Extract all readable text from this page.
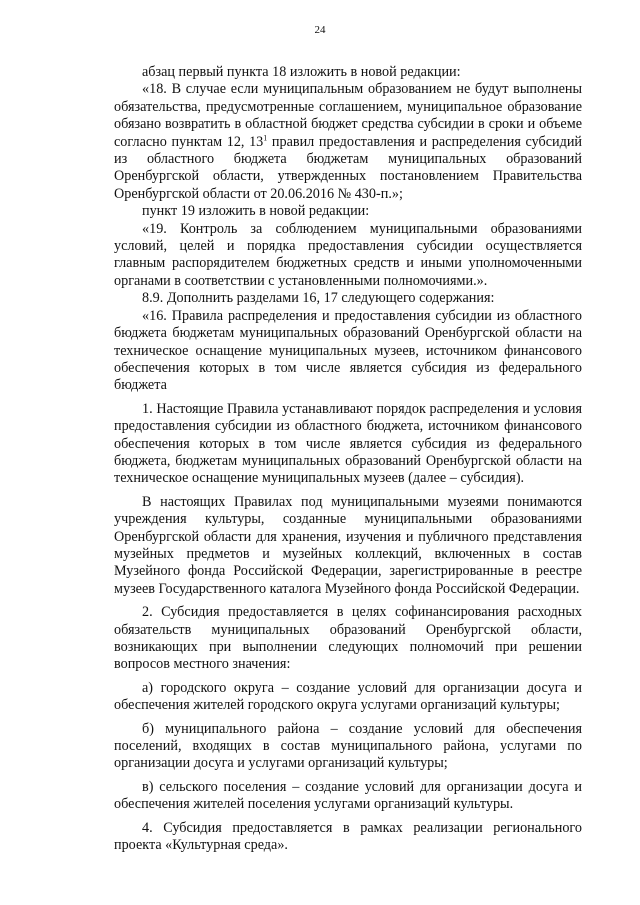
24

абзац первый пункта 18 изложить в новой редакции:

«18. В случае если муниципальным образованием не будут выполнены обязательства, предусмотренные соглашением, муниципальное образование обязано возвратить в областной бюджет средства субсидии в сроки и объеме согласно пунктам 12, $13^1$ правил предоставления и распределения субсидий из областного бюджета бюджетам муниципальных образований Оренбургской области, утвержденных постановлением Правительства Оренбургской области от 20.06.2016 № 430-п.»;

пункт 19 изложить в новой редакции:

«19. Контроль за соблюдением муниципальными образованиями условий, целей и порядка предоставления субсидии осуществляется главным распорядителем бюджетных средств и иными уполномоченными органами в соответствии с установленными полномочиями.».

8.9. Дополнить разделами 16, 17 следующего содержания:

«16. Правила распределения и предоставления субсидии из областного бюджета бюджетам муниципальных образований Оренбургской области на техническое оснащение муниципальных музеев, источником финансового обеспечения которых в том числе является субсидия из федерального бюджета

1. Настоящие Правила устанавливают порядок распределения и условия предоставления субсидии из областного бюджета, источником финансового обеспечения которых в том числе является субсидия из федерального бюджета, бюджетам муниципальных образований Оренбургской области на техническое оснащение муниципальных музеев (далее – субсидия).

В настоящих Правилах под муниципальными музеями понимаются учреждения культуры, созданные муниципальными образованиями Оренбургской области для хранения, изучения и публичного представления музейных предметов и музейных коллекций, включенных в состав Музейного фонда Российской Федерации, зарегистрированные в реестре музеев Государственного каталога Музейного фонда Российской Федерации.

2. Субсидия предоставляется в целях софинансирования расходных обязательств муниципальных образований Оренбургской области, возникающих при выполнении следующих полномочий при решении вопросов местного значения:

а) городского округа – создание условий для организации досуга и обеспечения жителей городского округа услугами организаций культуры;

б) муниципального района – создание условий для обеспечения поселений, входящих в состав муниципального района, услугами по организации досуга и услугами организаций культуры;

в) сельского поселения – создание условий для организации досуга и обеспечения жителей поселения услугами организаций культуры.

4. Субсидия предоставляется в рамках реализации регионального проекта «Культурная среда».
